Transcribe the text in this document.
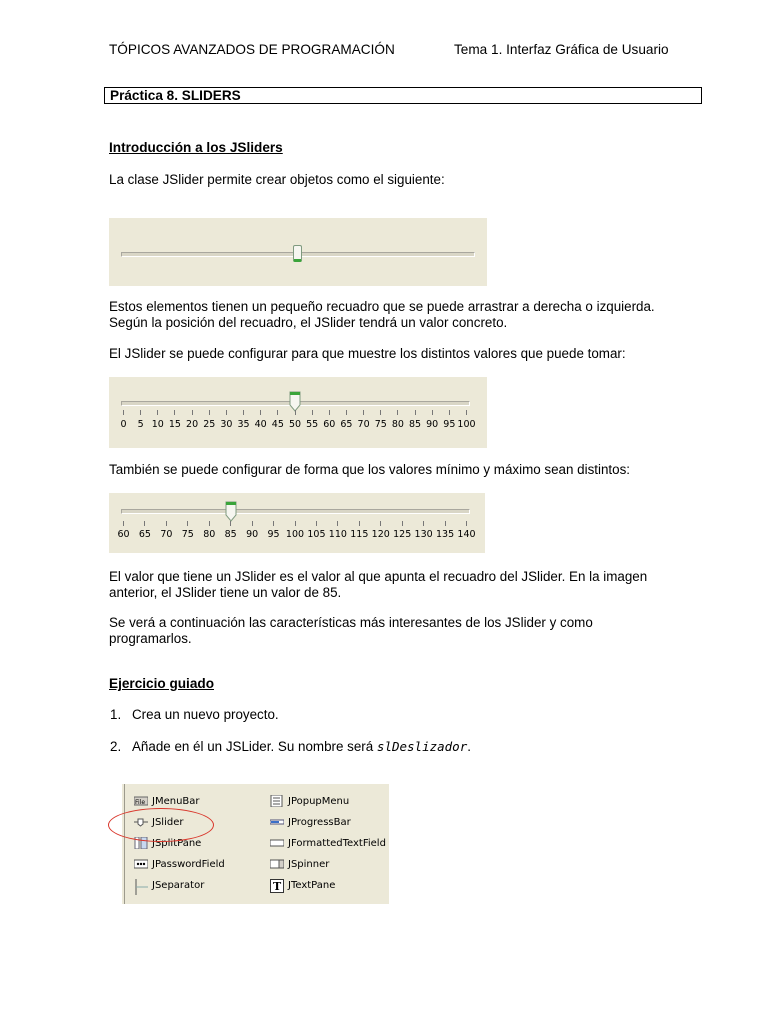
TÓPICOS AVANZADOS DE PROGRAMACIÓN	Tema 1. Interfaz Gráfica de Usuario
Práctica 8. SLIDERS
Introducción a los JSliders
La clase JSlider permite crear objetos como el siguiente:
Estos elementos tienen un pequeño recuadro que se puede arrastrar a derecha o izquierda.
Según la posición del recuadro, el JSlider tendrá un valor concreto.
El JSlider se puede configurar para que muestre los distintos valores que puede tomar:
0 5 10 15 20 25 30 35 40 45 50 55 60 65 70 75 80 85 90 95 100
También se puede configurar de forma que los valores mínimo y máximo sean distintos:
60 65 70 75 80 85 90 95 100 105 110 115 120 125 130 135 140
El valor que tiene un JSlider es el valor al que apunta el recuadro del JSlider. En la imagen
anterior, el JSlider tiene un valor de 85.
Se verá a continuación las características más interesantes de los JSlider y como
programarlos.
Ejercicio guiado
1. Crea un nuevo proyecto.
2. Añade en él un JSLider. Su nombre será slDeslizador.
File JMenuBar
JSlider
JSplitPane
JPasswordField
JSeparator
JPopupMenu
JProgressBar
JFormattedTextField
JSpinner
T JTextPane
